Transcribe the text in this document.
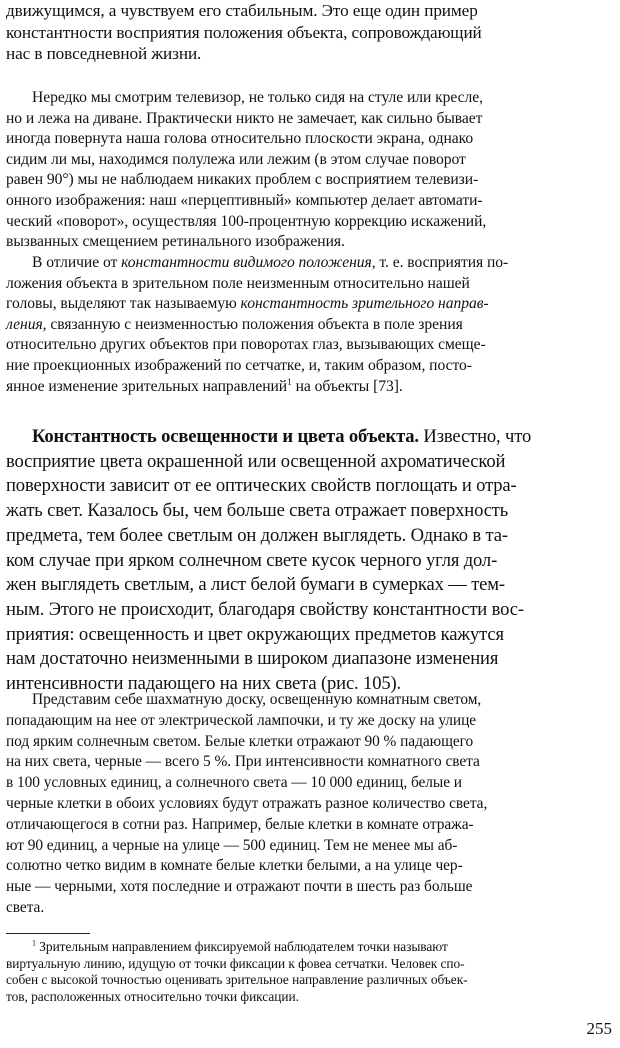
движущимся, а чувствуем его стабильным. Это еще один пример
константности восприятия положения объекта, сопровождающий
нас в повседневной жизни.
Нередко мы смотрим телевизор, не только сидя на стуле или кресле,
но и лежа на диване. Практически никто не замечает, как сильно бывает
иногда повернута наша голова относительно плоскости экрана, однако
сидим ли мы, находимся полулежа или лежим (в этом случае поворот
равен 90°) мы не наблюдаем никаких проблем с восприятием телевизи-
онного изображения: наш «перцептивный» компьютер делает автомати-
ческий «поворот», осуществляя 100-процентную коррекцию искажений,
вызванных смещением ретинального изображения.
В отличие от константности видимого положения, т. е. восприятия по-
ложения объекта в зрительном поле неизменным относительно нашей
головы, выделяют так называемую константность зрительного направ-
ления, связанную с неизменностью положения объекта в поле зрения
относительно других объектов при поворотах глаз, вызывающих смеще-
ние проекционных изображений по сетчатке, и, таким образом, посто-
янное изменение зрительных направлений$^1$ на объекты [73].
Константность освещенности и цвета объекта. Известно, что
восприятие цвета окрашенной или освещенной ахроматической
поверхности зависит от ее оптических свойств поглощать и отра-
жать свет. Казалось бы, чем больше света отражает поверхность
предмета, тем более светлым он должен выглядеть. Однако в та-
ком случае при ярком солнечном свете кусок черного угля дол-
жен выглядеть светлым, а лист белой бумаги в сумерках — тем-
ным. Этого не происходит, благодаря свойству константности вос-
приятия: освещенность и цвет окружающих предметов кажутся
нам достаточно неизменными в широком диапазоне изменения
интенсивности падающего на них света (рис. 105).
Представим себе шахматную доску, освещенную комнатным светом,
попадающим на нее от электрической лампочки, и ту же доску на улице
под ярким солнечным светом. Белые клетки отражают 90 % падающего
на них света, черные — всего 5 %. При интенсивности комнатного света
в 100 условных единиц, а солнечного света — 10 000 единиц, белые и
черные клетки в обоих условиях будут отражать разное количество света,
отличающегося в сотни раз. Например, белые клетки в комнате отража-
ют 90 единиц, а черные на улице — 500 единиц. Тем не менее мы аб-
солютно четко видим в комнате белые клетки белыми, а на улице чер-
ные — черными, хотя последние и отражают почти в шесть раз больше
света.
$^1$ Зрительным направлением фиксируемой наблюдателем точки называют
виртуальную линию, идущую от точки фиксации к фовеа сетчатки. Человек спо-
собен с высокой точностью оценивать зрительное направление различных объек-
тов, расположенных относительно точки фиксации.
255
